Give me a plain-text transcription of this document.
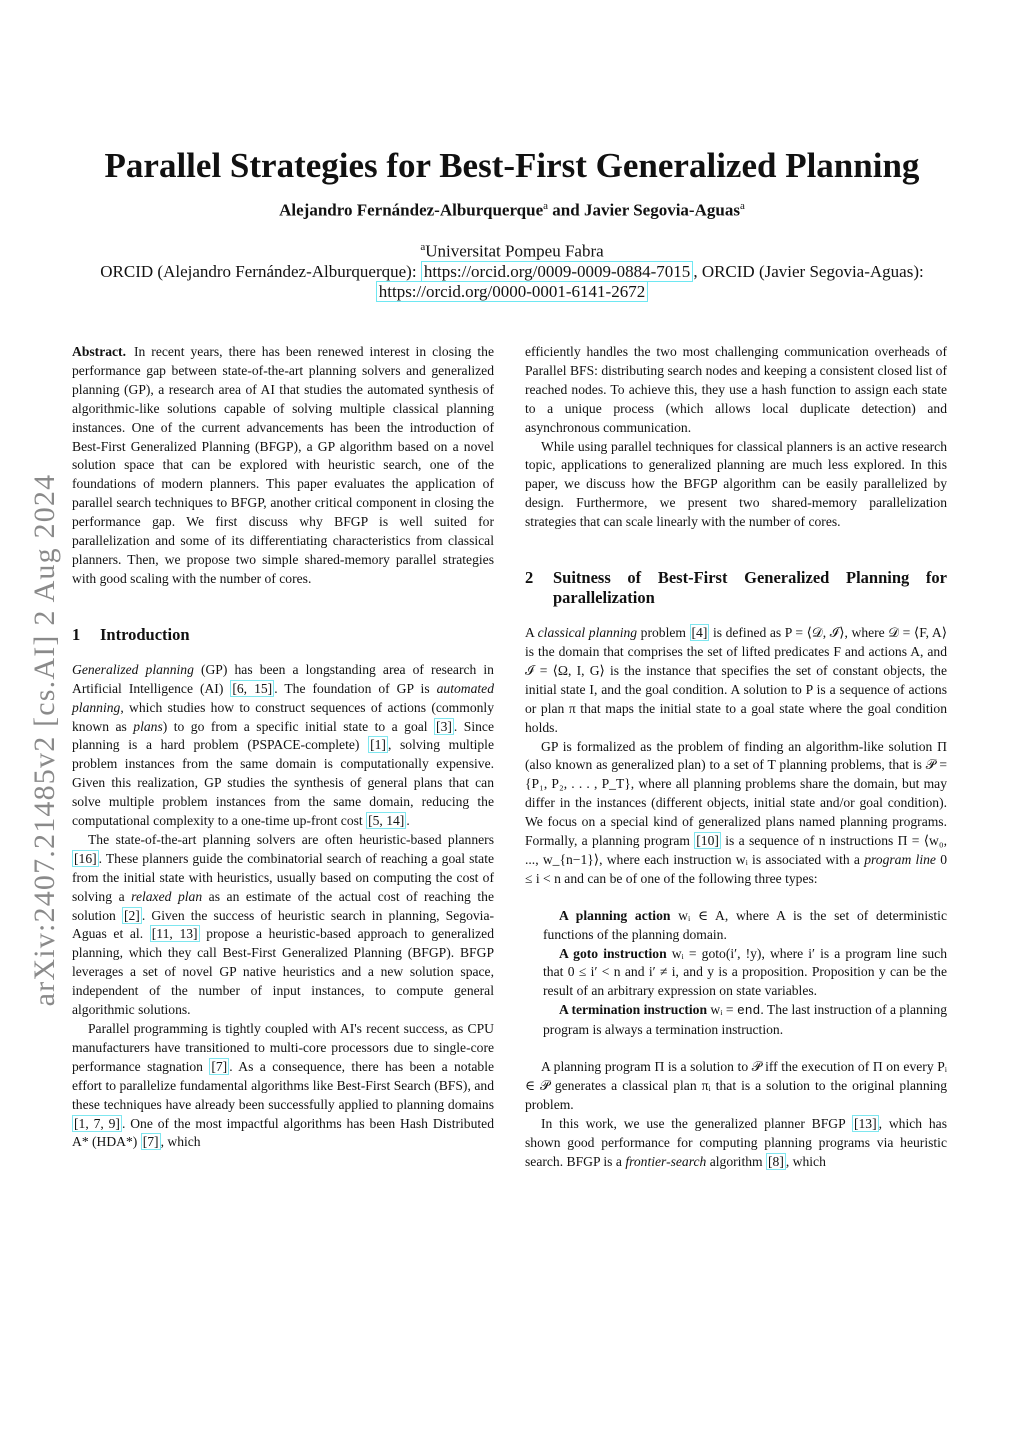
arXiv:2407.21485v2 [cs.AI] 2 Aug 2024
Parallel Strategies for Best-First Generalized Planning
Alejandro Fernández-Alburquerque$^a$ and Javier Segovia-Aguas$^a$
$^a$Universitat Pompeu Fabra
ORCID (Alejandro Fernández-Alburquerque): https://orcid.org/0009-0009-0884-7015 , ORCID (Javier Segovia-Aguas): https://orcid.org/0000-0001-6141-2672

Abstract. In recent years, there has been renewed interest in closing the performance gap between state-of-the-art planning solvers and generalized planning (GP), a research area of AI that studies the automated synthesis of algorithmic-like solutions capable of solving multiple classical planning instances. One of the current advancements has been the introduction of Best-First Generalized Planning (BFGP), a GP algorithm based on a novel solution space that can be explored with heuristic search, one of the foundations of modern planners. This paper evaluates the application of parallel search techniques to BFGP, another critical component in closing the performance gap. We first discuss why BFGP is well suited for parallelization and some of its differentiating characteristics from classical planners. Then, we propose two simple shared-memory parallel strategies with good scaling with the number of cores.

1	Introduction

Generalized planning (GP) has been a longstanding area of research in Artificial Intelligence (AI) [6, 15] . The foundation of GP is automated planning, which studies how to construct sequences of actions (commonly known as plans) to go from a specific initial state to a goal [3] . Since planning is a hard problem (PSPACE-complete) [1] , solving multiple problem instances from the same domain is computationally expensive. Given this realization, GP studies the synthesis of general plans that can solve multiple problem instances from the same domain, reducing the computational complexity to a one-time up-front cost [5, 14] .

The state-of-the-art planning solvers are often heuristic-based planners [16] . These planners guide the combinatorial search of reaching a goal state from the initial state with heuristics, usually based on computing the cost of solving a relaxed plan as an estimate of the actual cost of reaching the solution [2] . Given the success of heuristic search in planning, Segovia-Aguas et al. [11, 13] propose a heuristic-based approach to generalized planning, which they call Best-First Generalized Planning (BFGP). BFGP leverages a set of novel GP native heuristics and a new solution space, independent of the number of input instances, to compute general algorithmic solutions.

Parallel programming is tightly coupled with AI's recent success, as CPU manufacturers have transitioned to multi-core processors due to single-core performance stagnation [7] . As a consequence, there has been a notable effort to parallelize fundamental algorithms like Best-First Search (BFS), and these techniques have already been successfully applied to planning domains [1, 7, 9] . One of the most impactful algorithms has been Hash Distributed A* (HDA*) [7] , which

efficiently handles the two most challenging communication overheads of Parallel BFS: distributing search nodes and keeping a consistent closed list of reached nodes. To achieve this, they use a hash function to assign each state to a unique process (which allows local duplicate detection) and asynchronous communication.

While using parallel techniques for classical planners is an active research topic, applications to generalized planning are much less explored. In this paper, we discuss how the BFGP algorithm can be easily parallelized by design. Furthermore, we present two shared-memory parallelization strategies that can scale linearly with the number of cores.

2	Suitness of Best-First Generalized Planning for parallelization

A classical planning problem [4] is defined as P = ⟨𝒟, ℐ⟩, where 𝒟 = ⟨F, A⟩ is the domain that comprises the set of lifted predicates F and actions A, and ℐ = ⟨Ω, I, G⟩ is the instance that specifies the set of constant objects, the initial state I, and the goal condition. A solution to P is a sequence of actions or plan π that maps the initial state to a goal state where the goal condition holds.

GP is formalized as the problem of finding an algorithm-like solution Π (also known as generalized plan) to a set of T planning problems, that is 𝒫 = {P₁, P₂, . . . , P_T}, where all planning problems share the domain, but may differ in the instances (different objects, initial state and/or goal condition). We focus on a special kind of generalized plans named planning programs. Formally, a planning program [10] is a sequence of n instructions Π = ⟨w₀, ..., w_{n−1}⟩, where each instruction wᵢ is associated with a program line 0 ≤ i < n and can be of one of the following three types:

A planning action wᵢ ∈ A, where A is the set of deterministic functions of the planning domain.

A goto instruction wᵢ = goto(i′, !y), where i′ is a program line such that 0 ≤ i′ < n and i′ ≠ i, and y is a proposition. Proposition y can be the result of an arbitrary expression on state variables.

A termination instruction wᵢ = end. The last instruction of a planning program is always a termination instruction.

A planning program Π is a solution to 𝒫 iff the execution of Π on every Pᵢ ∈ 𝒫 generates a classical plan πᵢ that is a solution to the original planning problem.

In this work, we use the generalized planner BFGP [13] , which has shown good performance for computing planning programs via heuristic search. BFGP is a frontier-search algorithm [8] , which
